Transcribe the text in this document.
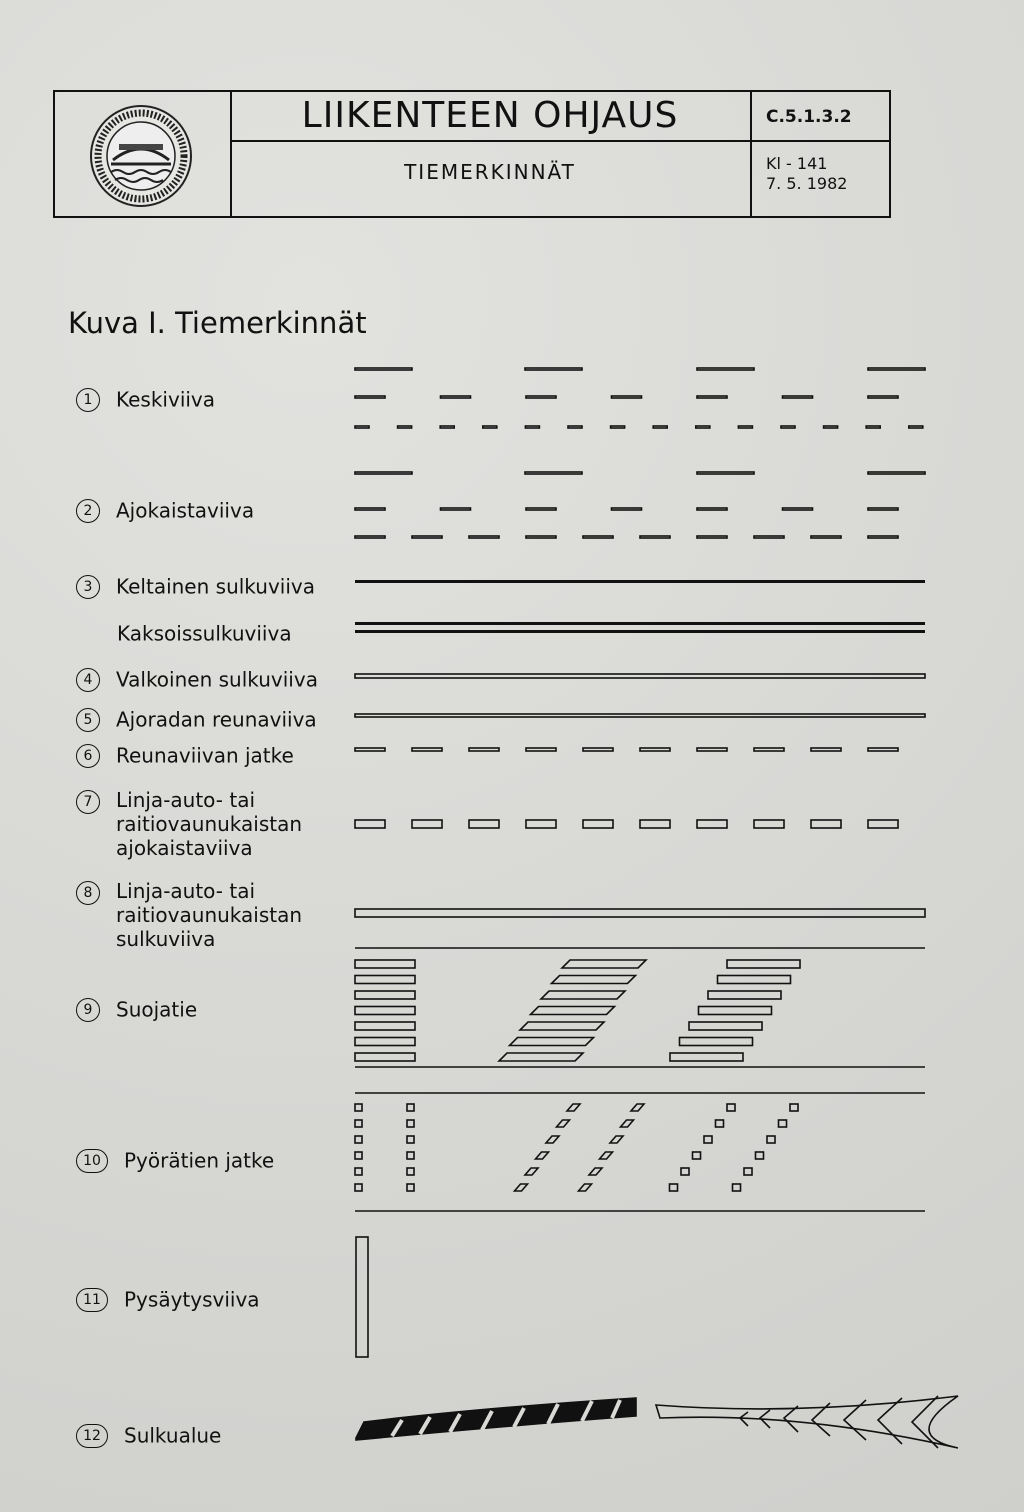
LIIKENTEEN OHJAUS
TIEMERKINNÄT
C.5.1.3.2
Kl - 141
7. 5. 1982
Kuva I. Tiemerkinnät
1 Keskiviiva
2 Ajokaistaviiva
3 Keltainen sulkuviiva
Kaksoissulkuviiva
4 Valkoinen sulkuviiva
5 Ajoradan reunaviiva
6 Reunaviivan jatke
7 Linja-auto- tai
raitiovaunukaistan
ajokaistaviiva
8 Linja-auto- tai
raitiovaunukaistan
sulkuviiva
9 Suojatie
10 Pyörätien jatke
11 Pysäytysviiva
12 Sulkualue
